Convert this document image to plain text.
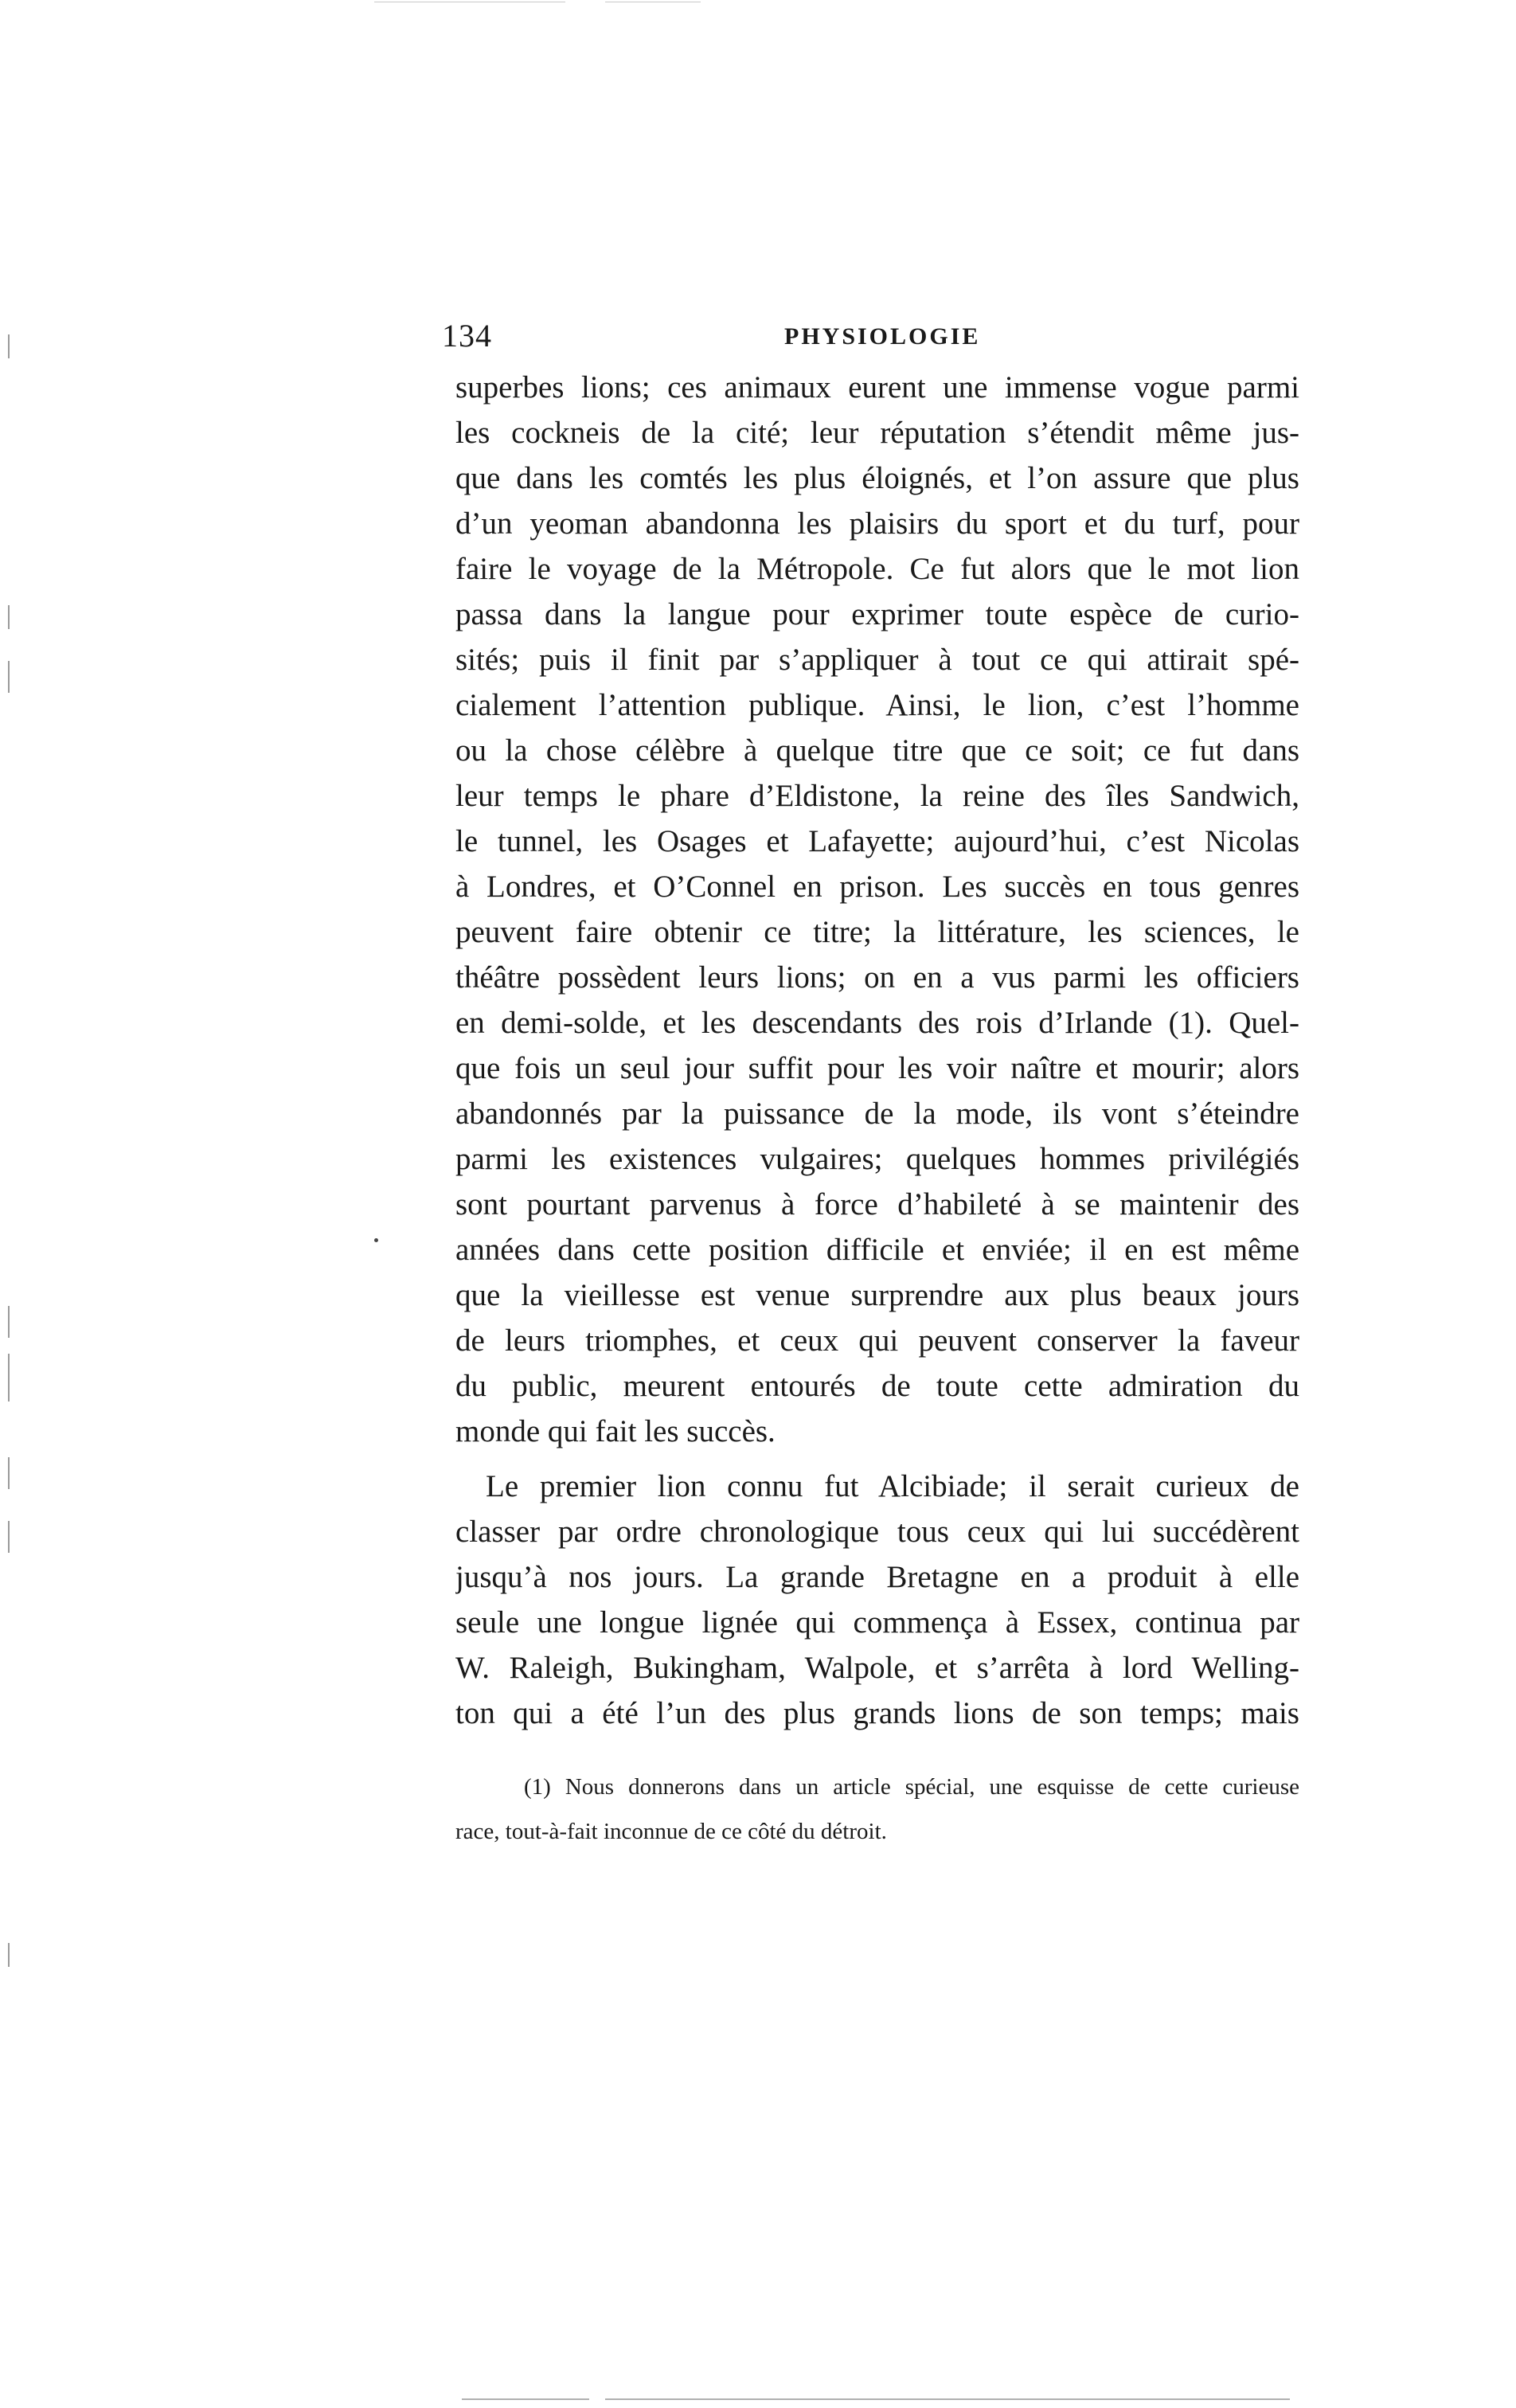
134	PHYSIOLOGIE
superbes lions; ces animaux eurent une immense vogue parmi
les cockneis de la cité; leur réputation s’étendit même jus-
que dans les comtés les plus éloignés, et l’on assure que plus
d’un yeoman abandonna les plaisirs du sport et du turf, pour
faire le voyage de la Métropole. Ce fut alors que le mot lion
passa dans la langue pour exprimer toute espèce de curio-
sités; puis il finit par s’appliquer à tout ce qui attirait spé-
cialement l’attention publique. Ainsi, le lion, c’est l’homme
ou la chose célèbre à quelque titre que ce soit; ce fut dans
leur temps le phare d’Eldistone, la reine des îles Sandwich,
le tunnel, les Osages et Lafayette; aujourd’hui, c’est Nicolas
à Londres, et O’Connel en prison. Les succès en tous genres
peuvent faire obtenir ce titre; la littérature, les sciences, le
théâtre possèdent leurs lions; on en a vus parmi les officiers
en demi-solde, et les descendants des rois d’Irlande (1). Quel-
que fois un seul jour suffit pour les voir naître et mourir; alors
abandonnés par la puissance de la mode, ils vont s’éteindre
parmi les existences vulgaires; quelques hommes privilégiés
sont pourtant parvenus à force d’habileté à se maintenir des
années dans cette position difficile et enviée; il en est même
que la vieillesse est venue surprendre aux plus beaux jours
de leurs triomphes, et ceux qui peuvent conserver la faveur
du public, meurent entourés de toute cette admiration du
monde qui fait les succès.
Le premier lion connu fut Alcibiade; il serait curieux de
classer par ordre chronologique tous ceux qui lui succédèrent
jusqu’à nos jours. La grande Bretagne en a produit à elle
seule une longue lignée qui commença à Essex, continua par
W. Raleigh, Bukingham, Walpole, et s’arrêta à lord Welling-
ton qui a été l’un des plus grands lions de son temps; mais
(1) Nous donnerons dans un article spécial, une esquisse de cette curieuse
race, tout-à-fait inconnue de ce côté du détroit.
